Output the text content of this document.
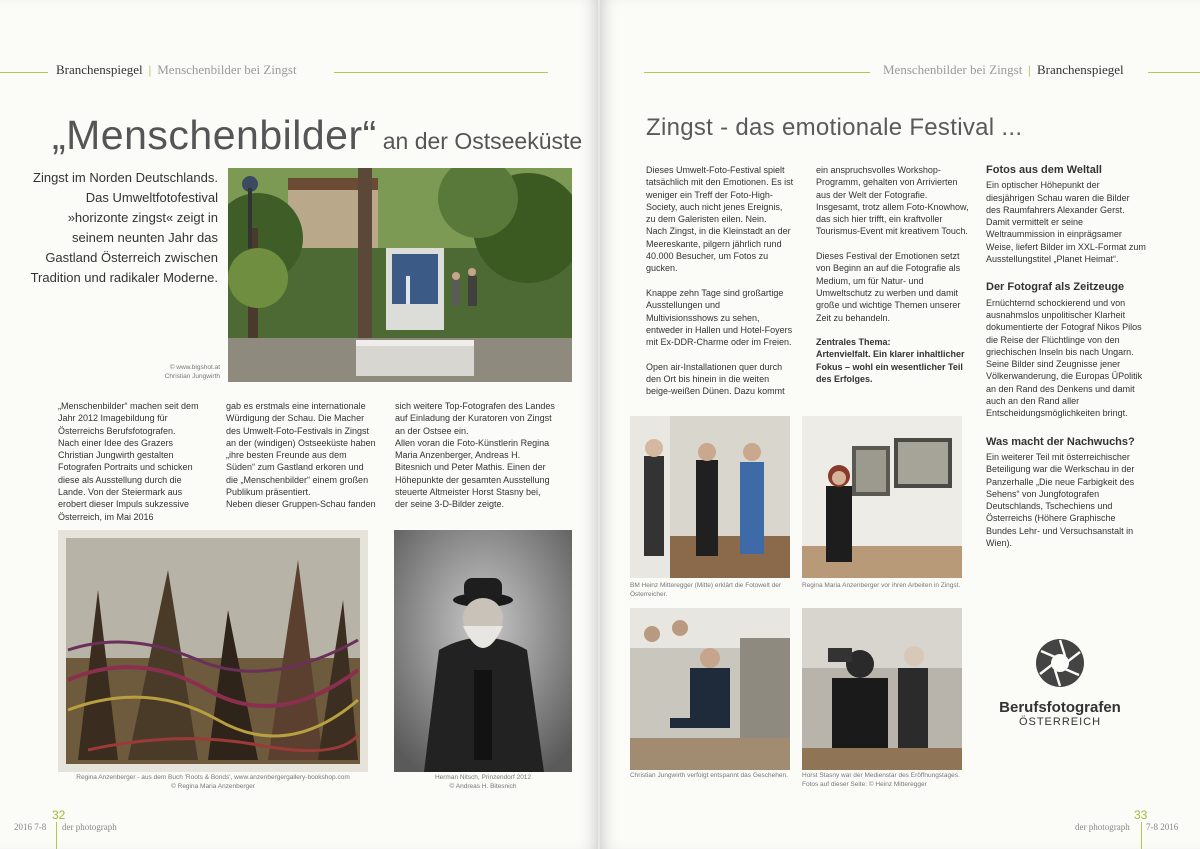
Branchenspiegel | Menschenbilder bei Zingst
„Menschenbilder“ an der Ostseeküste
Zingst im Norden Deutschlands. Das Umweltfotofestival »horizonte zingst« zeigt in seinem neunten Jahr das Gastland Österreich zwischen Tradition und radikaler Moderne.
© www.bigshot.at
Christian Jungwirth

„Menschenbilder“ machen seit dem Jahr 2012 Imagebildung für Österreichs Berufsfotografen.

Nach einer Idee des Grazers Christian Jungwirth gestalten Fotografen Portraits und schicken diese als Ausstellung durch die Lande. Von der Steiermark aus erobert dieser Impuls sukzessive Österreich, im Mai 2016

gab es erstmals eine internationale Würdigung der Schau. Die Macher des Umwelt-Foto-Festivals in Zingst an der (windigen) Ostseeküste haben „ihre besten Freunde aus dem Süden“ zum Gastland erkoren und die „Menschenbilder“ einem großen Publikum präsentiert.

Neben dieser Gruppen-Schau fanden

sich weitere Top-Fotografen des Landes auf Einladung der Kuratoren von Zingst an der Ostsee ein.

Allen voran die Foto-Künstlerin Regina Maria Anzenberger, Andreas H. Bitesnich und Peter Mathis. Einen der Höhepunkte der gesamten Ausstellung steuerte Altmeister Horst Stasny bei, der seine 3-D-Bilder zeigte.

Regina Anzenberger - aus dem Buch 'Roots & Bonds', www.anzenbergergallery-bookshop.com
© Regina Maria Anzenberger
Herman Nitsch, Prinzendorf 2012
© Andreas H. Bitesnich
32
2016 7-8 der photograph
Menschenbilder bei Zingst | Branchenspiegel
Zingst - das emotionale Festival ...

Dieses Umwelt-Foto-Festival spielt tatsächlich mit den Emotionen. Es ist weniger ein Treff der Foto-High-Society, auch nicht jenes Ereignis, zu dem Galeristen eilen. Nein.

Nach Zingst, in die Kleinstadt an der Meereskante, pilgern jährlich rund 40.000 Besucher, um Fotos zu gucken.

Knappe zehn Tage sind großartige Ausstellungen und Multivisionsshows zu sehen, entweder in Hallen und Hotel-Foyers mit Ex-DDR-Charme oder im Freien.

Open air-Installationen quer durch den Ort bis hinein in die weiten beige-weißen Dünen. Dazu kommt

ein anspruchsvolles Workshop-Programm, gehalten von Arrivierten aus der Welt der Fotografie. Insgesamt, trotz allem Foto-Knowhow, das sich hier trifft, ein kraftvoller Tourismus-Event mit kreativem Touch.

Dieses Festival der Emotionen setzt von Beginn an auf die Fotografie als Medium, um für Natur- und Umweltschutz zu werben und damit große und wichtige Themen unserer Zeit zu behandeln.

Zentrales Thema:

Artenvielfalt. Ein klarer inhaltlicher Fokus – wohl ein wesentlicher Teil des Erfolges.

Fotos aus dem Weltall

Ein optischer Höhepunkt der diesjährigen Schau waren die Bilder des Raumfahrers Alexander Gerst. Damit vermittelt er seine Weltraummission in einprägsamer Weise, liefert Bilder im XXL-Format zum Ausstellungstitel „Planet Heimat“.

Der Fotograf als Zeitzeuge

Ernüchternd schockierend und von ausnahmslos unpolitischer Klarheit dokumentierte der Fotograf Nikos Pilos die Reise der Flüchtlinge von den griechischen Inseln bis nach Ungarn. Seine Bilder sind Zeugnisse jener Völkerwanderung, die Europas ÜPolitik an den Rand des Denkens und damit auch an den Rand aller Entscheidungsmöglichkeiten bringt.

Was macht der Nachwuchs?

Ein weiterer Teil mit österreichischer Beteiligung war die Werkschau in der Panzerhalle „Die neue Farbigkeit des Sehens“ von Jungfotografen Deutschlands, Tschechiens und Österreichs (Höhere Graphische Bundes Lehr- und Versuchsanstalt in Wien).

BM Heinz Mitteregger (Mitte) erklärt die Fotowelt der Österreicher.
Regina Maria Anzenberger vor ihren Arbeiten in Zingst.
Christian Jungwirth verfolgt entspannt das Geschehen.	Horst Stasny war der Medienstar des Eröffnungstages. Fotos auf dieser Seite: © Heinz Mitteregger
Berufsfotografen
ÖSTERREICH
33
der photograph 7-8 2016
